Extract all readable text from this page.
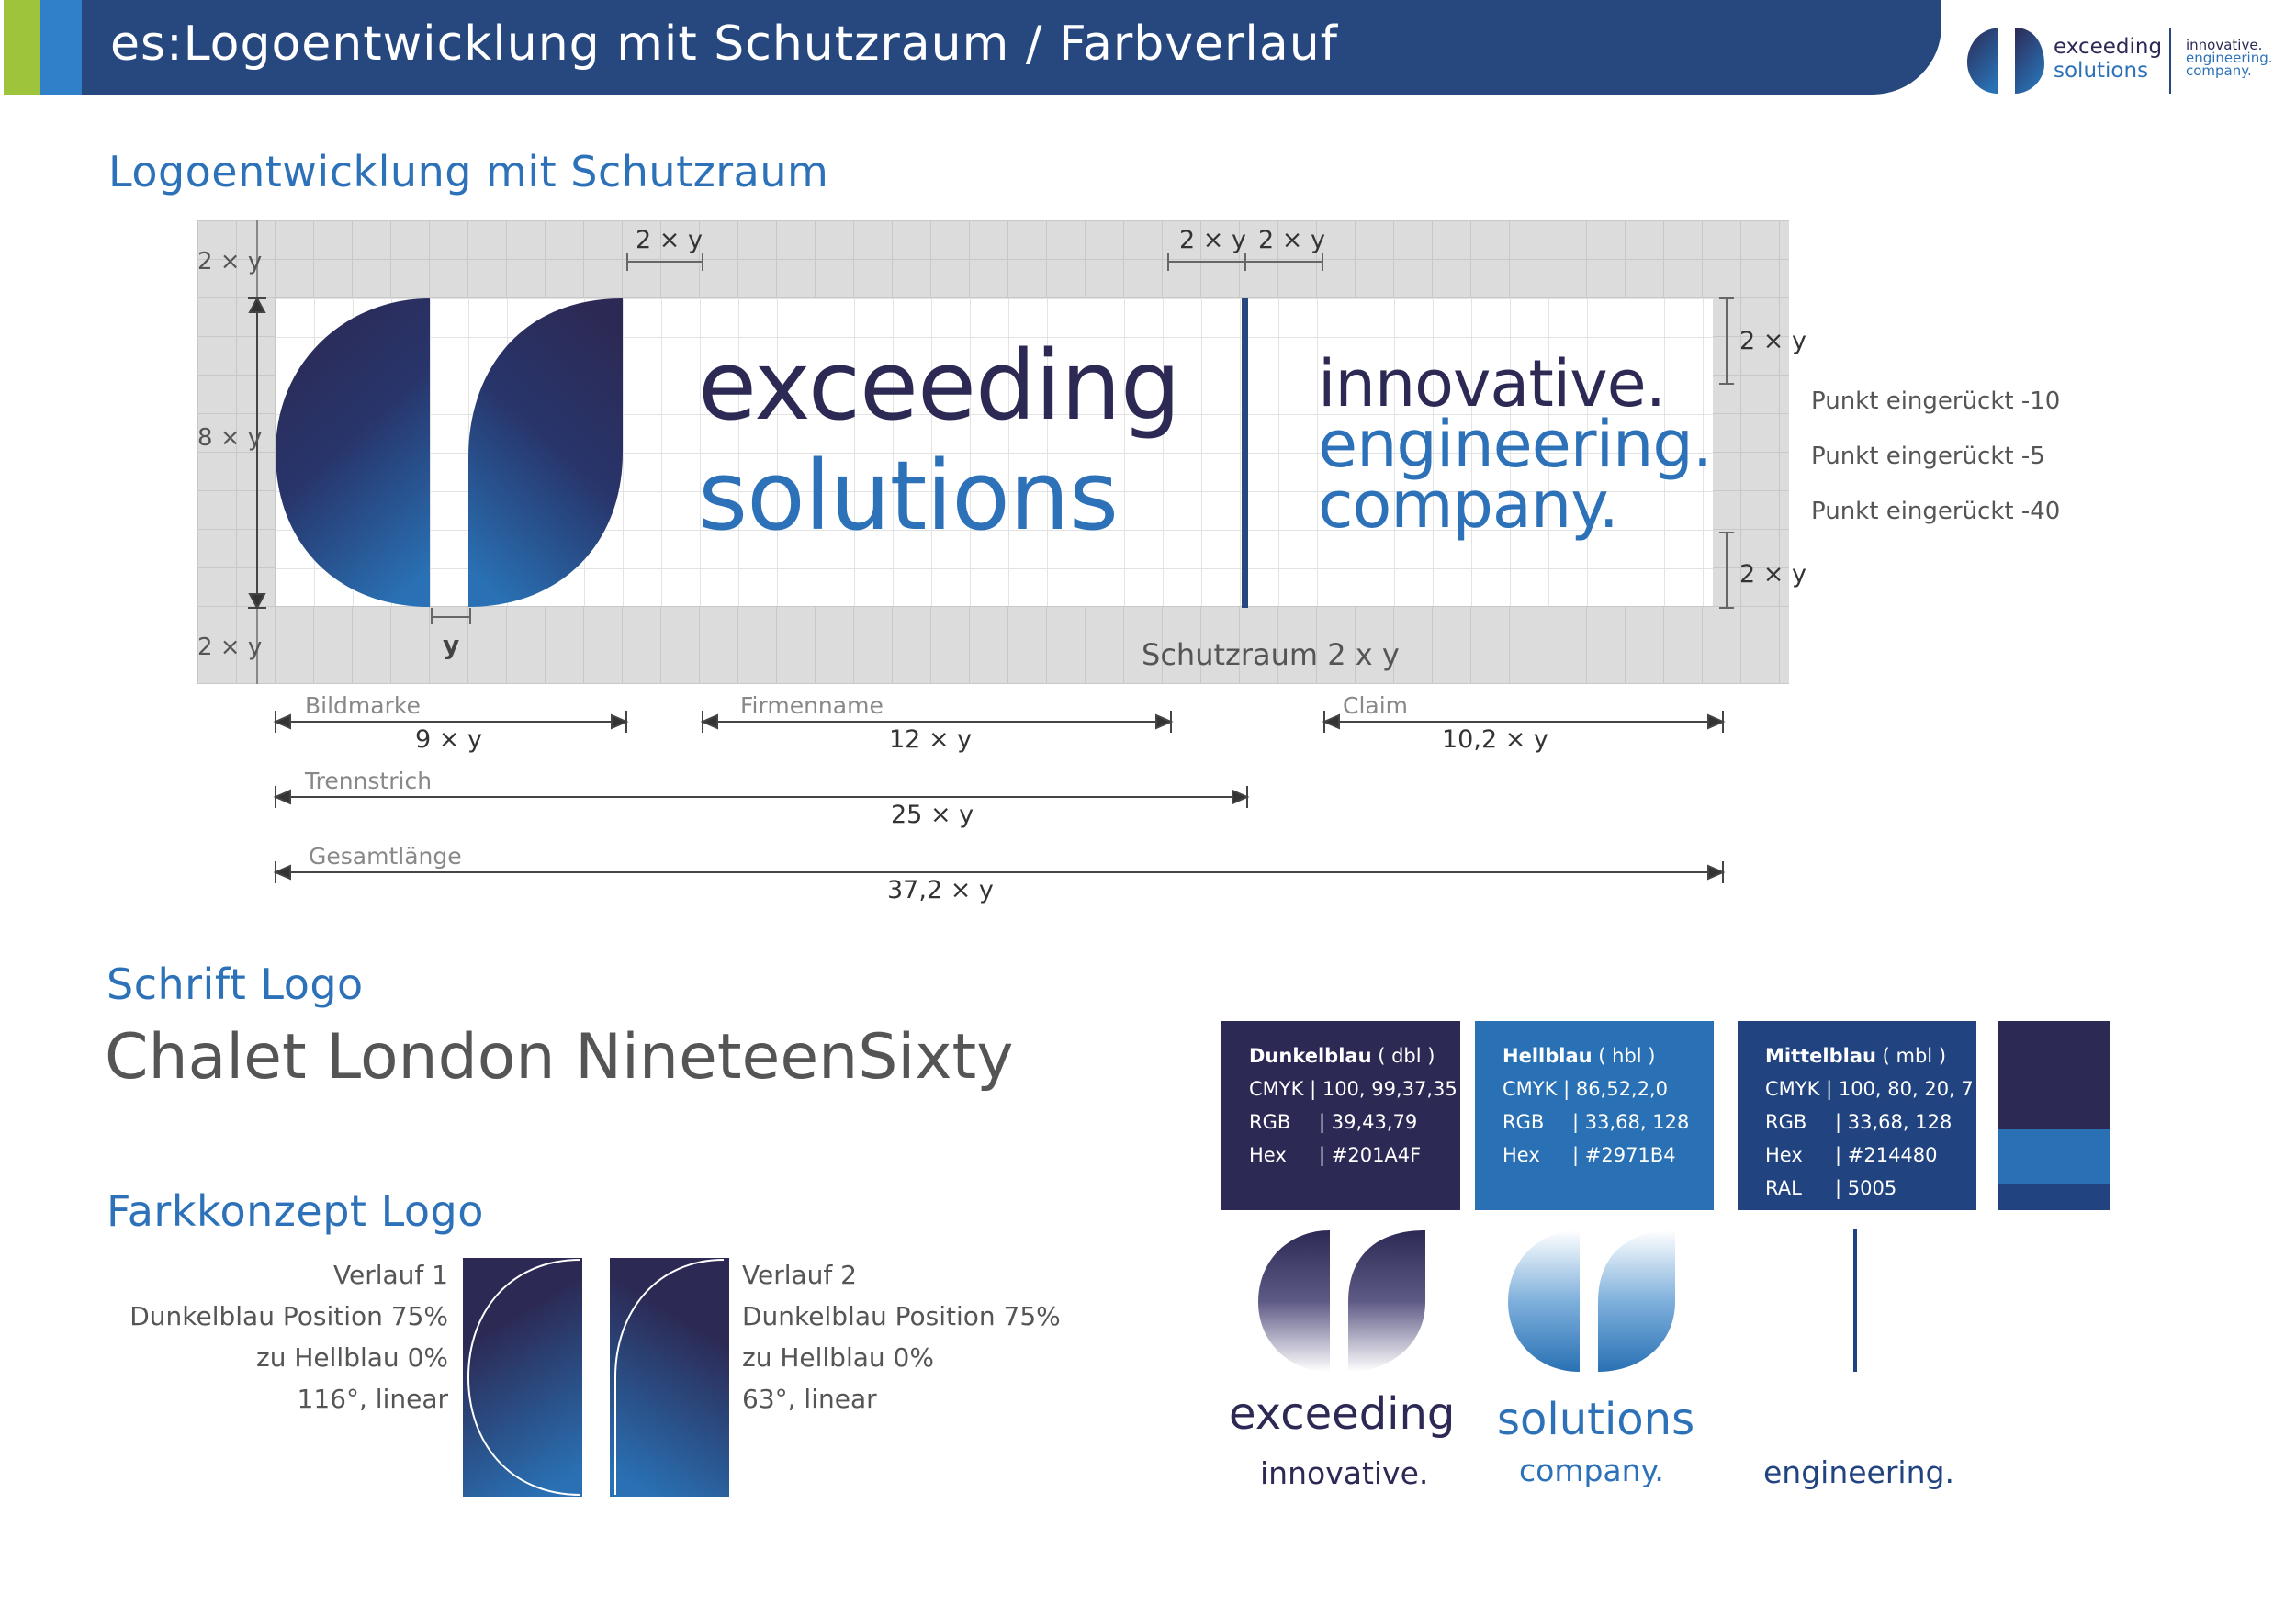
es:Logoentwicklung mit Schutzraum / Farbverlauf	exceeding
solutions
innovative.
engineering.
company.
Logoentwicklung mit Schutzraum
exceeding
solutions
innovative.
engineering.
company.
2 × y
8 × y
2 × y	y
2 × y	2 × y 2 × y
2 × y
2 × y
Schutzraum 2 x y
Punkt eingerückt -10
Punkt eingerückt -5
Punkt eingerückt -40
Bildmarke
9 × y
Firmenname
12 × y
Claim
10,2 × y
Trennstrich
25 × y
Gesamtlänge
37,2 × y
Schrift Logo
Chalet London NineteenSixty
Farkkonzept Logo
Verlauf 1
Dunkelblau Position 75%
zu Hellblau 0%
116°, linear
Verlauf 2
Dunkelblau Position 75%
zu Hellblau 0%
63°, linear
Dunkelblau ( dbl )
CMYK | 100, 99,37,35
RGB | 39,43,79
Hex | #201A4F
Hellblau ( hbl )
CMYK | 86,52,2,0
RGB | 33,68, 128
Hex | #2971B4
Mittelblau ( mbl )
CMYK | 100, 80, 20, 7
RGB | 33,68, 128
Hex | #214480
RAL | 5005
exceeding
innovative.
solutions
company.	engineering.
